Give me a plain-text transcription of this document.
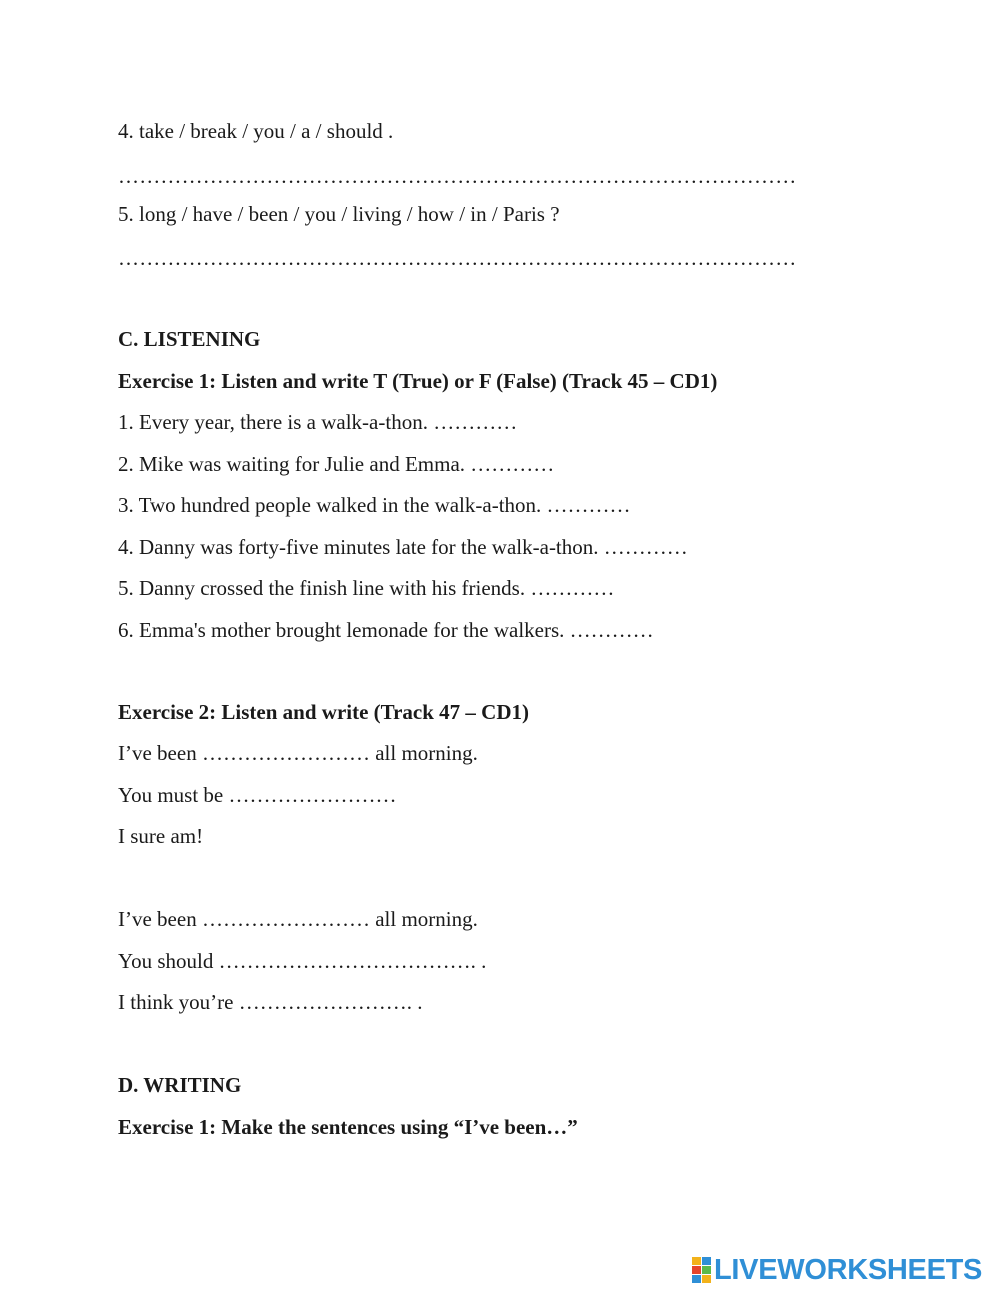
4. take / break / you / a / should .
……………………………………………………………………………………
5. long / have / been / you / living / how / in / Paris ?
……………………………………………………………………………………
C. LISTENING
Exercise 1: Listen and write T (True) or F (False) (Track 45 – CD1)
1. Every year, there is a walk-a-thon. …………
2. Mike was waiting for Julie and Emma. …………
3. Two hundred people walked in the walk-a-thon. …………
4. Danny was forty-five minutes late for the walk-a-thon. …………
5. Danny crossed the finish line with his friends. …………
6. Emma's mother brought lemonade for the walkers. …………
Exercise 2: Listen and write (Track 47 – CD1)
I’ve been …………………… all morning.
You must be ……………………
I sure am!
I’ve been …………………… all morning.
You should ………………………………. .
I think you’re ……………………. .
D. WRITING
Exercise 1: Make the sentences using “I’ve been…”
LIVEWORKSHEETS
